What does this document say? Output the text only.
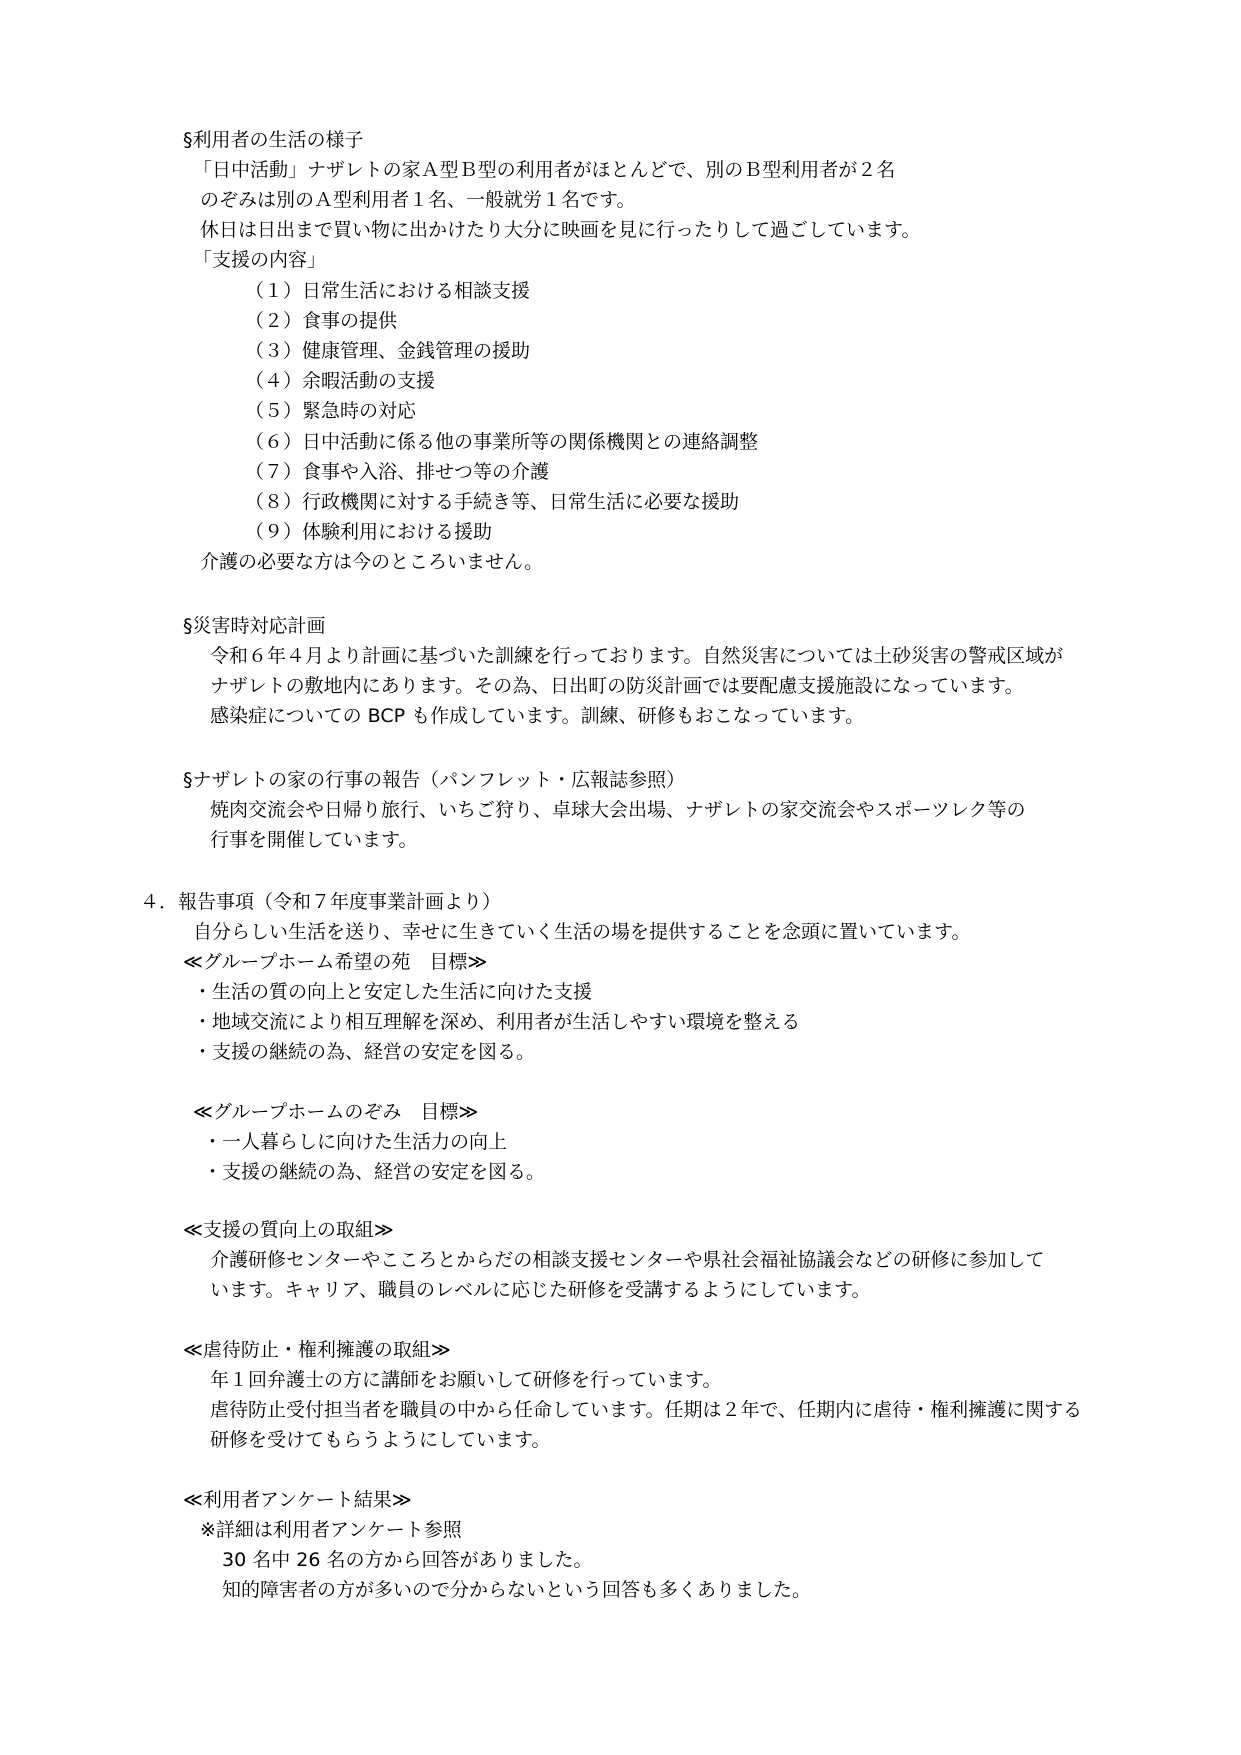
§利用者の生活の様子
「日中活動」ナザレトの家Ａ型Ｂ型の利用者がほとんどで、別のＢ型利用者が２名
のぞみは別のＡ型利用者１名、一般就労１名です。
休日は日出まで買い物に出かけたり大分に映画を見に行ったりして過ごしています。
「支援の内容」
（１）日常生活における相談支援
（２）食事の提供
（３）健康管理、金銭管理の援助
（４）余暇活動の支援
（５）緊急時の対応
（６）日中活動に係る他の事業所等の関係機関との連絡調整
（７）食事や入浴、排せつ等の介護
（８）行政機関に対する手続き等、日常生活に必要な援助
（９）体験利用における援助
介護の必要な方は今のところいません。
§災害時対応計画
令和６年４月より計画に基づいた訓練を行っております。自然災害については土砂災害の警戒区域が
ナザレトの敷地内にあります。その為、日出町の防災計画では要配慮支援施設になっています。
感染症についての BCP も作成しています。訓練、研修もおこなっています。
§ナザレトの家の行事の報告（パンフレット・広報誌参照）
焼肉交流会や日帰り旅行、いちご狩り、卓球大会出場、ナザレトの家交流会やスポーツレク等の
行事を開催しています。
４．報告事項（令和７年度事業計画より）
自分らしい生活を送り、幸せに生きていく生活の場を提供することを念頭に置いています。
≪グループホーム希望の苑　目標≫
・生活の質の向上と安定した生活に向けた支援
・地域交流により相互理解を深め、利用者が生活しやすい環境を整える
・支援の継続の為、経営の安定を図る。
≪グループホームのぞみ　目標≫
・一人暮らしに向けた生活力の向上
・支援の継続の為、経営の安定を図る。
≪支援の質向上の取組≫
介護研修センターやこころとからだの相談支援センターや県社会福祉協議会などの研修に参加して
います。キャリア、職員のレベルに応じた研修を受講するようにしています。
≪虐待防止・権利擁護の取組≫
年１回弁護士の方に講師をお願いして研修を行っています。
虐待防止受付担当者を職員の中から任命しています。任期は２年で、任期内に虐待・権利擁護に関する
研修を受けてもらうようにしています。
≪利用者アンケート結果≫
※詳細は利用者アンケート参照
30 名中 26 名の方から回答がありました。
知的障害者の方が多いので分からないという回答も多くありました。
